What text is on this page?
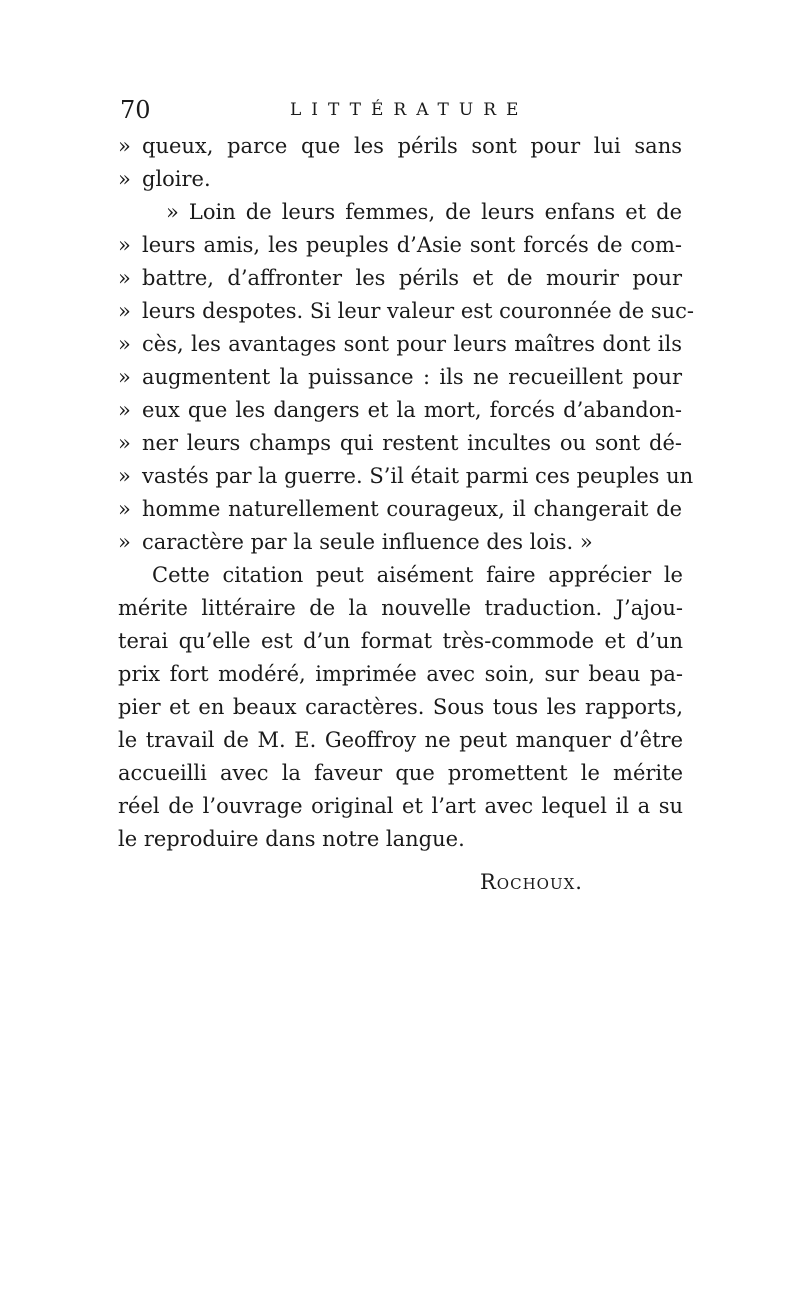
70	LITTÉRATURE
» queux, parce que les périls sont pour lui sans
» gloire.
» Loin de leurs femmes, de leurs enfans et de
» leurs amis, les peuples d’Asie sont forcés de com-
» battre, d’affronter les périls et de mourir pour
» leurs despotes. Si leur valeur est couronnée de suc-
» cès, les avantages sont pour leurs maîtres dont ils
» augmentent la puissance : ils ne recueillent pour
» eux que les dangers et la mort, forcés d’abandon-
» ner leurs champs qui restent incultes ou sont dé-
» vastés par la guerre. S’il était parmi ces peuples un
» homme naturellement courageux, il changerait de
» caractère par la seule influence des lois. »
Cette citation peut aisément faire apprécier le
mérite littéraire de la nouvelle traduction. J’ajou-
terai qu’elle est d’un format très-commode et d’un
prix fort modéré, imprimée avec soin, sur beau pa-
pier et en beaux caractères. Sous tous les rapports,
le travail de M. E. Geoffroy ne peut manquer d’être
accueilli avec la faveur que promettent le mérite
réel de l’ouvrage original et l’art avec lequel il a su
le reproduire dans notre langue.
Rochoux.
